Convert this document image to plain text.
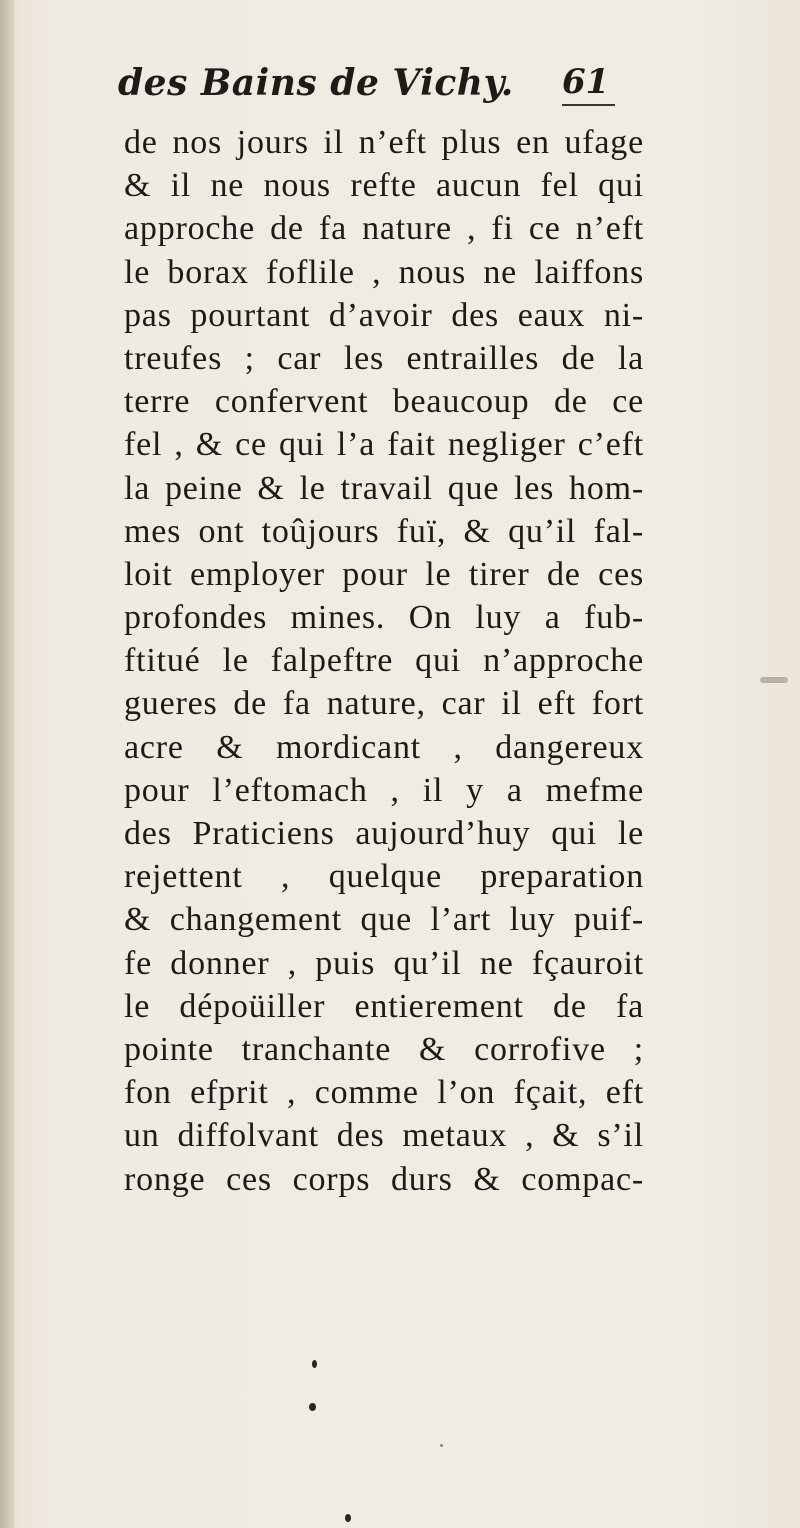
des Bains de Vichy. 61
de nos jours il n’eft plus en ufage
& il ne nous refte aucun fel qui
approche de fa nature , fi ce n’eft
le borax foflile , nous ne laiffons
pas pourtant d’avoir des eaux ni-
treufes ; car les entrailles de la
terre confervent beaucoup de ce
fel , & ce qui l’a fait negliger c’eft
la peine & le travail que les hom-
mes ont toûjours fuï, & qu’il fal-
loit employer pour le tirer de ces
profondes mines. On luy a fub-
ftitué le falpeftre qui n’approche
gueres de fa nature, car il eft fort
acre & mordicant , dangereux
pour l’eftomach , il y a mefme
des Praticiens aujourd’huy qui le
rejettent , quelque preparation
& changement que l’art luy puif-
fe donner , puis qu’il ne fçauroit
le dépoüiller entierement de fa
pointe tranchante & corrofive ;
fon efprit , comme l’on fçait, eft
un diffolvant des metaux , & s’il
ronge ces corps durs & compac-
